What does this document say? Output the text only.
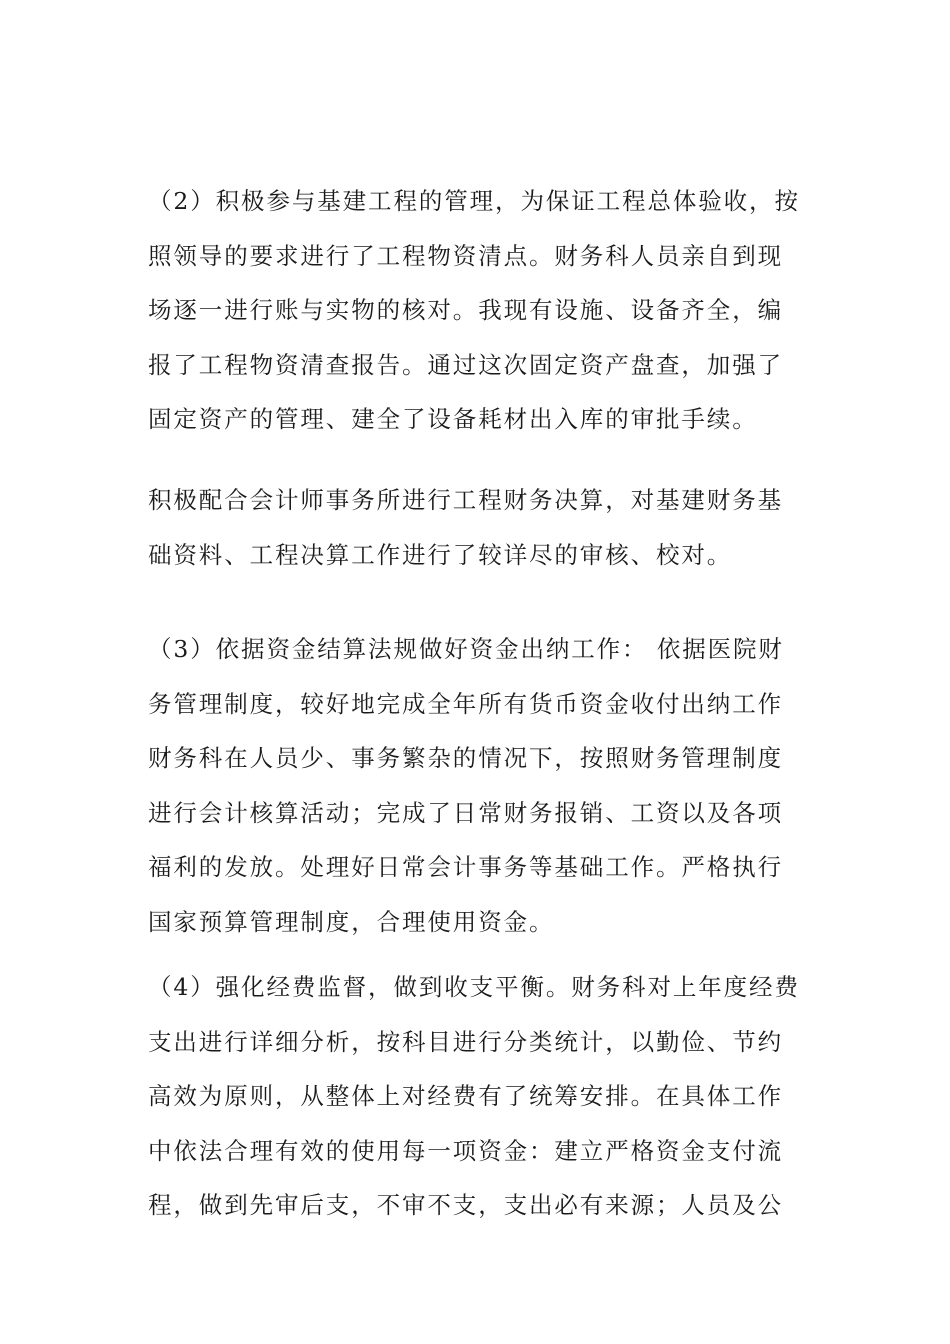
（2）积极参与基建工程的管理，为保证工程总体验收，按
照领导的要求进行了工程物资清点。财务科人员亲自到现
场逐一进行账与实物的核对。我现有设施、设备齐全，编
报了工程物资清查报告。通过这次固定资产盘查，加强了
固定资产的管理、建全了设备耗材出入库的审批手续。

积极配合会计师事务所进行工程财务决算，对基建财务基
础资料、工程决算工作进行了较详尽的审核、校对。

（3）依据资金结算法规做好资金出纳工作： 依据医院财
务管理制度，较好地完成全年所有货币资金收付出纳工作
财务科在人员少、事务繁杂的情况下，按照财务管理制度
进行会计核算活动；完成了日常财务报销、工资以及各项
福利的发放。处理好日常会计事务等基础工作。严格执行
国家预算管理制度，合理使用资金。

（4）强化经费监督，做到收支平衡。财务科对上年度经费
支出进行详细分析，按科目进行分类统计，以勤俭、节约
高效为原则，从整体上对经费有了统筹安排。在具体工作
中依法合理有效的使用每一项资金：建立严格资金支付流
程，做到先审后支，不审不支，支出必有来源；人员及公
